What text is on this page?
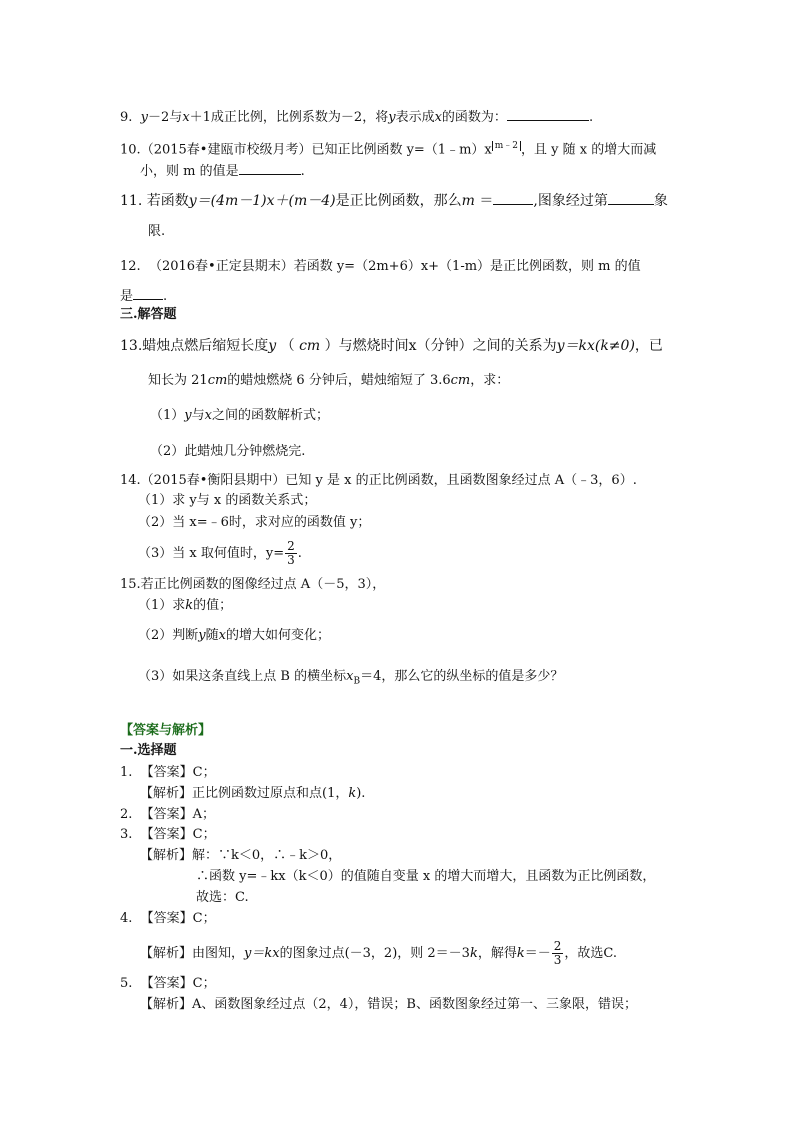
9. y－2与x＋1成正比例，比例系数为－2，将y表示成x的函数为：	.
10.（2015春•建瓯市校级月考）已知正比例函数 y=（1﹣m）x m﹣2 ，且 y 随 x 的增大而减
小，则 m 的值是	.
11. 若函数y＝(4m－1)x＋(m－4)是正比例函数，那么m ＝	,图象经过第	象
限.
12. （2016春•正定县期末）若函数 y=（2m+6）x+（1-m）是正比例函数，则 m 的值
是 .
三.解答题
13.蜡烛点燃后缩短长度y （ cm ）与燃烧时间x（分钟）之间的关系为y＝kx(k≠0)，已
知长为 21cm的蜡烛燃烧 6 分钟后，蜡烛缩短了 3.6cm，求：
（1）y与x之间的函数解析式；
（2）此蜡烛几分钟燃烧完.
14.（2015春•衡阳县期中）已知 y 是 x 的正比例函数，且函数图象经过点 A（﹣3，6）.
（1）求 y与 x 的函数关系式；
（2）当 x=﹣6时，求对应的函数值 y；
（3）当 x 取何值时，$y= \frac{2}{3}$ .
15.若正比例函数的图像经过点 A（－5，3），
（1）求k的值；
（2）判断y随x的增大如何变化；
（3）如果这条直线上点 B 的横坐标$x_B=4$，那么它的纵坐标的值是多少？
【答案与解析】
一.选择题
1. 【答案】C；
【解析】正比例函数过原点和点(1，k).
2. 【答案】A；
3. 【答案】C；
【解析】解：∵k＜0，∴﹣k＞0，
∴函数 y=﹣kx（k＜0）的值随自变量 x 的增大而增大，且函数为正比例函数，
故选：C.
4. 【答案】C；
【解析】由图知，y＝kx的图象过点(－3，2)，则 2＝－3k，解得$k=- \frac{2}{3}$ ，故选C.
5. 【答案】C；
【解析】A、函数图象经过点（2，4），错误；B、函数图象经过第一、三象限，错误；
